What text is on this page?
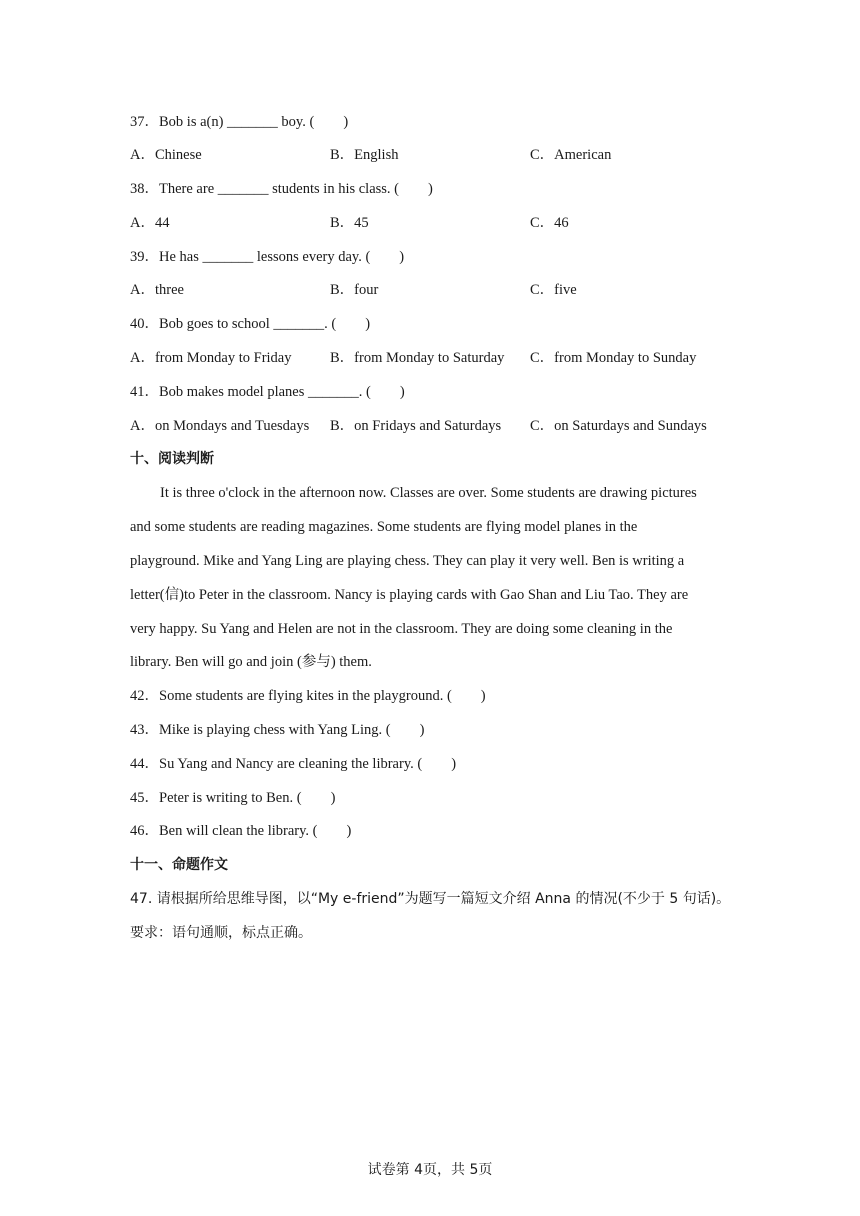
37．Bob is a(n) _______ boy. (　　)
A．Chinese	B．English	C．American
38．There are _______ students in his class. (　　)
A．44	B．45	C．46
39．He has _______ lessons every day. (　　)
A．three	B．four	C．five
40．Bob goes to school _______. (　　)
A．from Monday to Friday	B．from Monday to Saturday C．from Monday to Sunday
41．Bob makes model planes _______. (　　)
A．on Mondays and Tuesdays B．on Fridays and Saturdays C．on Saturdays and Sundays
十、阅读判断
It is three o'clock in the afternoon now. Classes are over. Some students are drawing pictures
and some students are reading magazines. Some students are flying model planes in the
playground. Mike and Yang Ling are playing chess. They can play it very well. Ben is writing a
letter(信)to Peter in the classroom. Nancy is playing cards with Gao Shan and Liu Tao. They are
very happy. Su Yang and Helen are not in the classroom. They are doing some cleaning in the
library. Ben will go and join (参与) them.
42．Some students are flying kites in the playground. (　　)
43．Mike is playing chess with Yang Ling. (　　)
44．Su Yang and Nancy are cleaning the library. (　　)
45．Peter is writing to Ben. (　　)
46．Ben will clean the library. (　　)
十一、命题作文
47. 请根据所给思维导图，以“My e-friend”为题写一篇短文介绍 Anna 的情况(不少于 5 句话)。
要求：语句通顺，标点正确。
试卷第 4页，共 5页
